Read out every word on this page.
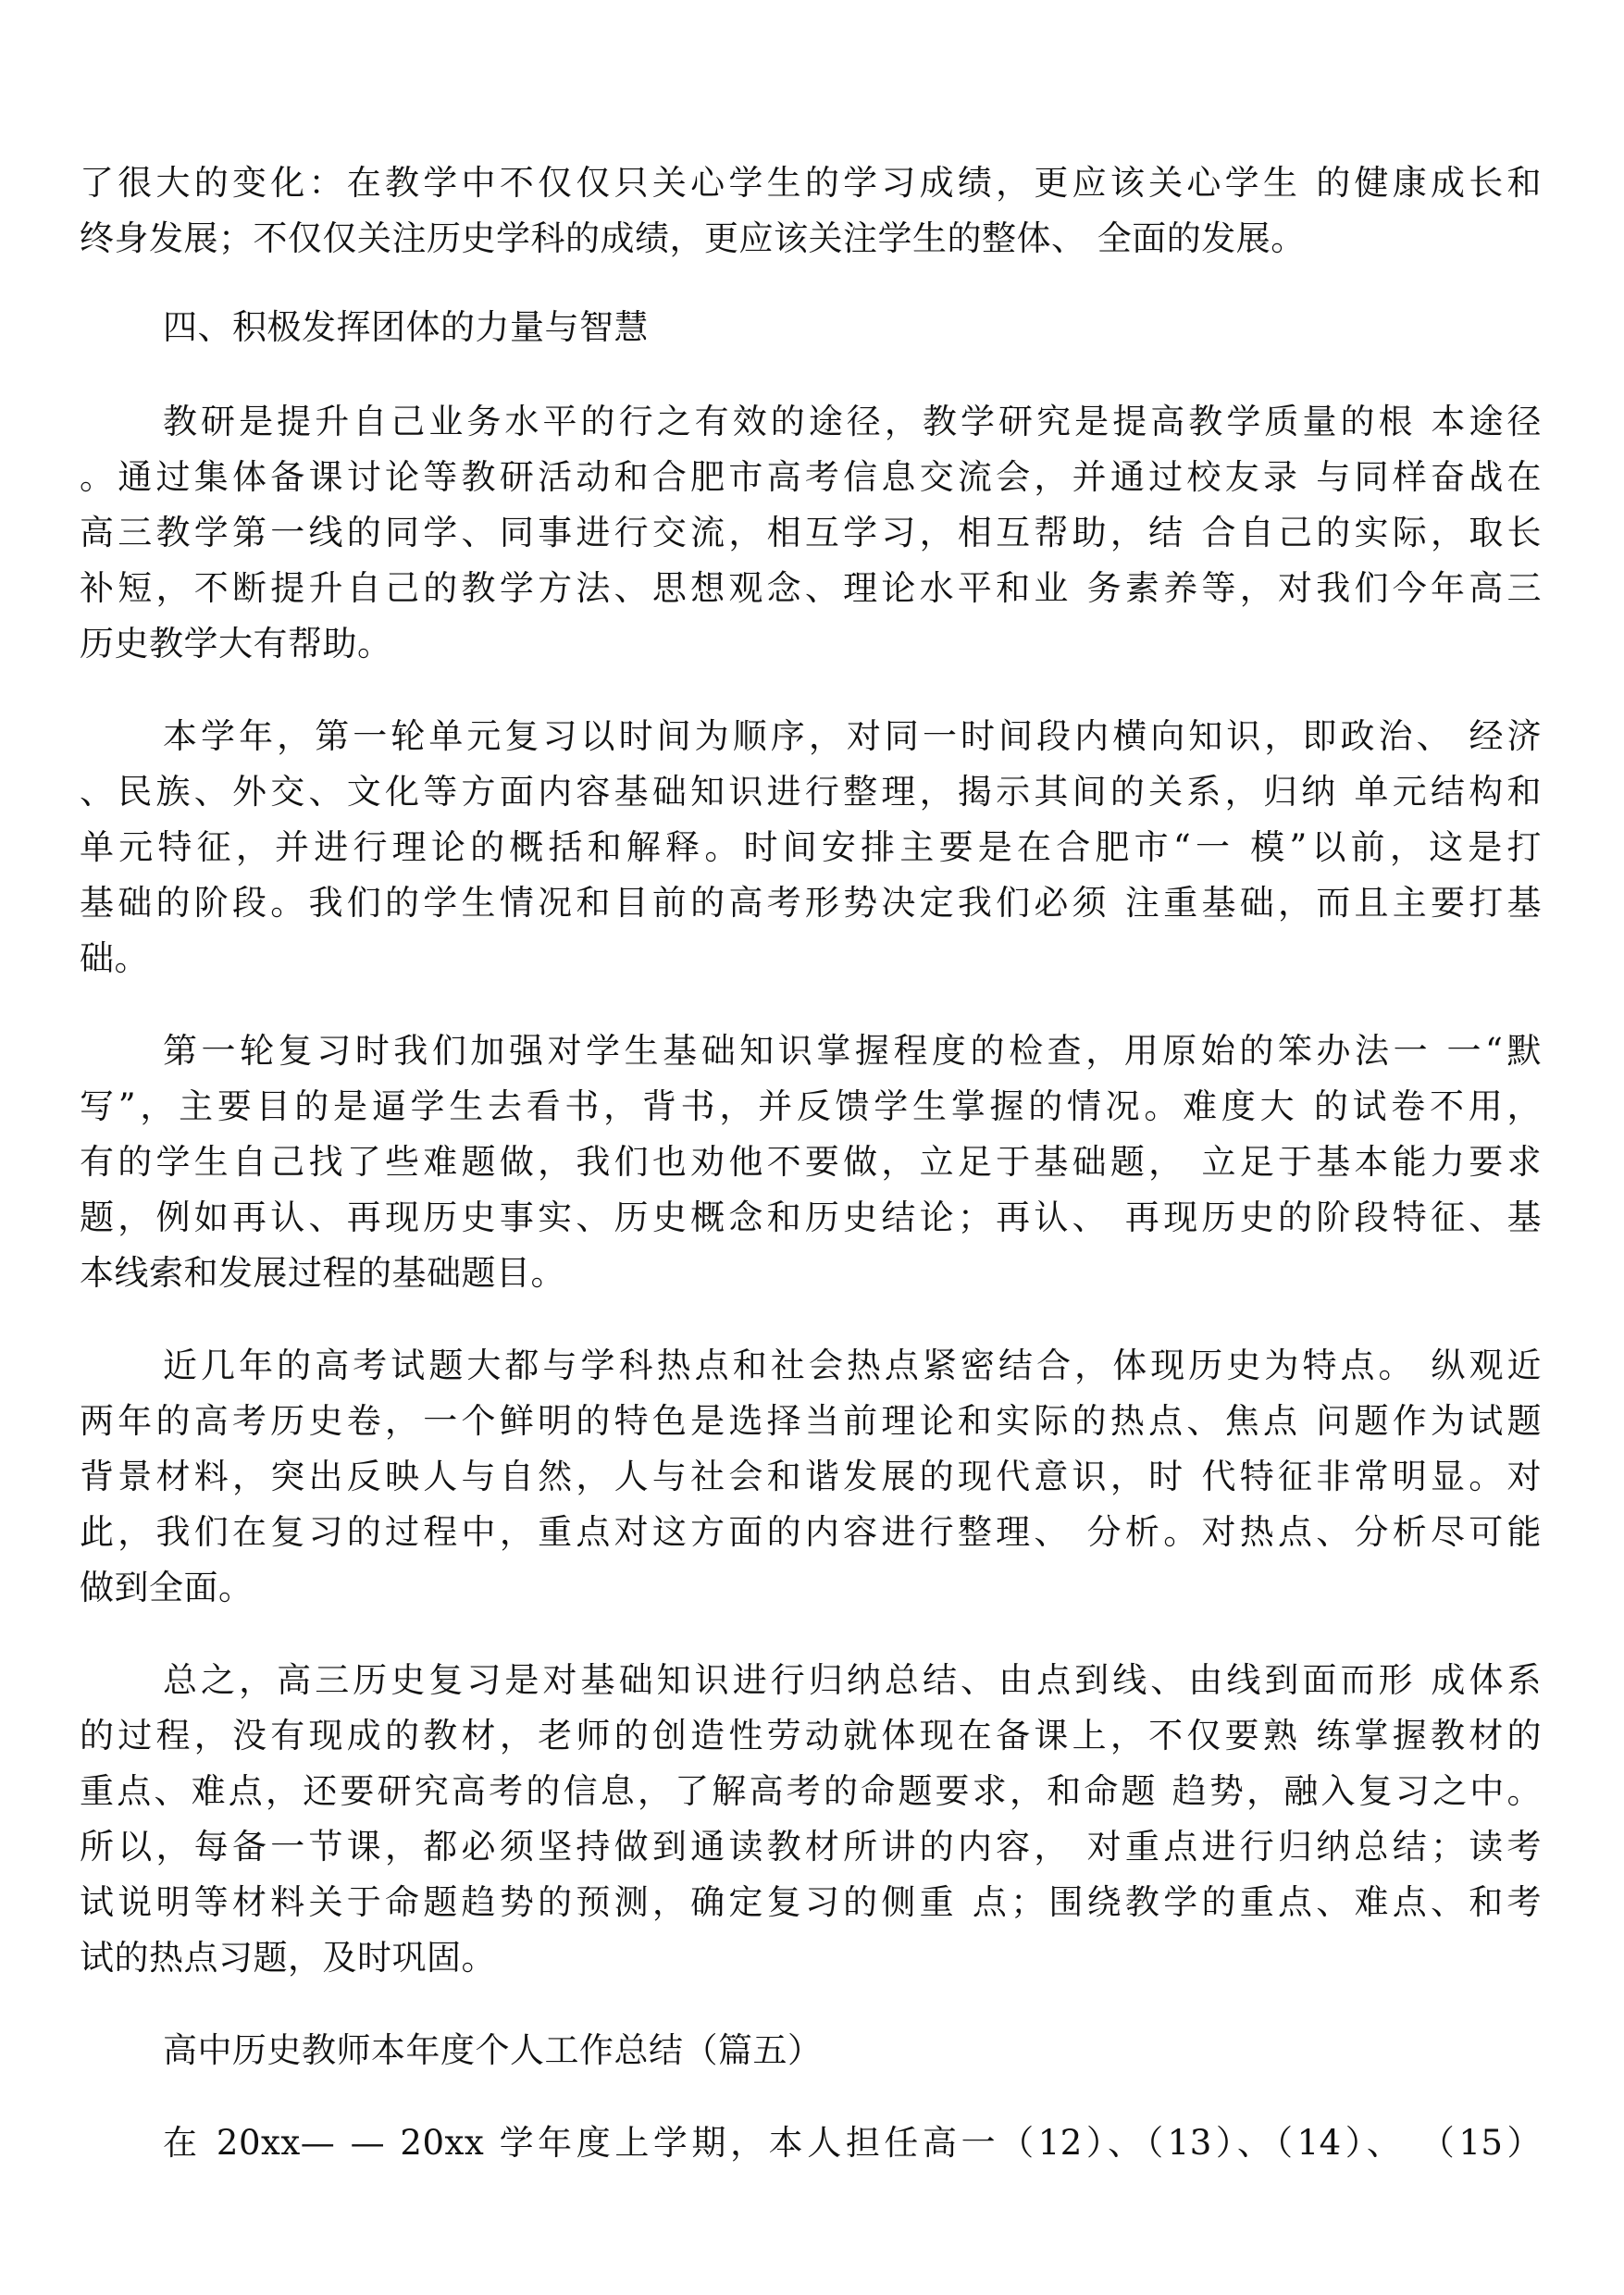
了很大的变化：在教学中不仅仅只关心学生的学习成绩，更应该关心学生 的健康成长和
终身发展；不仅仅关注历史学科的成绩，更应该关注学生的整体、 全面的发展。
四、积极发挥团体的力量与智慧
教研是提升自己业务水平的行之有效的途径，教学研究是提高教学质量的根 本途径
。通过集体备课讨论等教研活动和合肥市高考信息交流会，并通过校友录 与同样奋战在
高三教学第一线的同学、同事进行交流，相互学习，相互帮助，结 合自己的实际，取长
补短，不断提升自己的教学方法、思想观念、理论水平和业 务素养等，对我们今年高三
历史教学大有帮助。
本学年，第一轮单元复习以时间为顺序，对同一时间段内横向知识，即政治、 经济
、民族、外交、文化等方面内容基础知识进行整理，揭示其间的关系，归纳 单元结构和
单元特征，并进行理论的概括和解释。时间安排主要是在合肥市“一 模”以前，这是打
基础的阶段。我们的学生情况和目前的高考形势决定我们必须 注重基础，而且主要打基
础。
第一轮复习时我们加强对学生基础知识掌握程度的检查，用原始的笨办法一 一“默
写”，主要目的是逼学生去看书，背书，并反馈学生掌握的情况。难度大 的试卷不用，
有的学生自己找了些难题做，我们也劝他不要做，立足于基础题， 立足于基本能力要求
题，例如再认、再现历史事实、历史概念和历史结论；再认、 再现历史的阶段特征、基
本线索和发展过程的基础题目。
近几年的高考试题大都与学科热点和社会热点紧密结合，体现历史为特点。 纵观近
两年的高考历史卷，一个鲜明的特色是选择当前理论和实际的热点、焦点 问题作为试题
背景材料，突出反映人与自然，人与社会和谐发展的现代意识，时 代特征非常明显。对
此，我们在复习的过程中，重点对这方面的内容进行整理、 分析。对热点、分析尽可能
做到全面。
总之，高三历史复习是对基础知识进行归纳总结、由点到线、由线到面而形 成体系
的过程，没有现成的教材，老师的创造性劳动就体现在备课上，不仅要熟 练掌握教材的
重点、难点，还要研究高考的信息，了解高考的命题要求，和命题 趋势，融入复习之中。
所以，每备一节课，都必须坚持做到通读教材所讲的内容， 对重点进行归纳总结；读考
试说明等材料关于命题趋势的预测，确定复习的侧重 点；围绕教学的重点、难点、和考
试的热点习题，及时巩固。
高中历史教师本年度个人工作总结（篇五）
在 20xx— — 20xx 学年度上学期，本人担任高一（12）、（13）、（14）、 （15）
